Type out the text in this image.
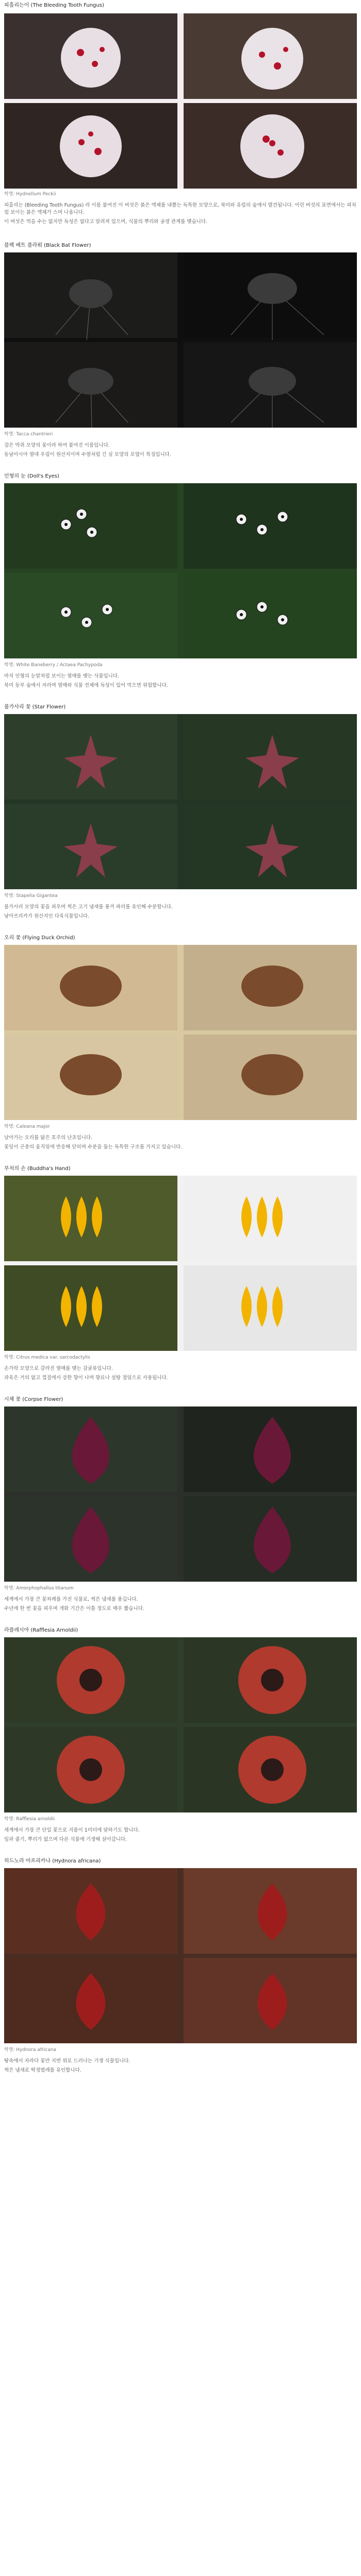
피흘리는이 (The Bleeding Tooth Fungus)
학명: Hydnellum Peckii
피흘리는 (Bleeding Tooth Fungus) 라 이름 붙여진 이 버섯은 붉은 액체를 내뿜는 독특한 모양으로, 북미와 유럽의 숲에서 발견됩니다. 어린 버섯의 표면에서는 피처럼 보이는 붉은 액체가 스며 나옵니다.
이 버섯은 먹을 수는 없지만 독성은 없다고 알려져 있으며, 식물의 뿌리와 공생 관계를 맺습니다.
블랙 배트 플라워 (Black Bat Flower)
학명: Tacca chantrieri
검은 박쥐 모양의 꽃이라 하여 붙여진 이름입니다.
동남아시아 열대 우림이 원산지이며 수염처럼 긴 실 모양의 포엽이 특징입니다.
인형의 눈 (Doll's Eyes)
학명: White Baneberry / Actaea Pachypoda
마치 인형의 눈알처럼 보이는 열매를 맺는 식물입니다.
북미 동부 숲에서 자라며 열매와 식물 전체에 독성이 있어 먹으면 위험합니다.
불가사리 꽃 (Star Flower)
학명: Stapelia Gigantea
불가사리 모양의 꽃을 피우며 썩은 고기 냄새를 풍겨 파리를 유인해 수분합니다.
남아프리카가 원산지인 다육식물입니다.
오리 꽃 (Flying Duck Orchid)
학명: Caleana major
날아가는 오리를 닮은 호주의 난초입니다.
꽃잎이 곤충의 움직임에 반응해 닫히며 수분을 돕는 독특한 구조를 가지고 있습니다.
부처의 손 (Buddha's Hand)
학명: Citrus medica var. sarcodactylis
손가락 모양으로 갈라진 열매를 맺는 감귤류입니다.
과육은 거의 없고 껍질에서 강한 향이 나며 향료나 설탕 절임으로 사용됩니다.
시체 꽃 (Corpse Flower)
학명: Amorphophallus titanum
세계에서 가장 큰 꽃차례를 가진 식물로, 썩은 냄새를 풍깁니다.
수년에 한 번 꽃을 피우며 개화 기간은 이틀 정도로 매우 짧습니다.
라플레시아 (Rafflesia Arnoldii)
학명: Rafflesia arnoldii
세계에서 가장 큰 단일 꽃으로 지름이 1미터에 달하기도 합니다.
잎과 줄기, 뿌리가 없으며 다른 식물에 기생해 살아갑니다.
히드노라 아프리카나 (Hydnora africana)
학명: Hydnora africana
땅속에서 자라다 꽃만 지면 위로 드러나는 기생 식물입니다.
썩은 냄새로 딱정벌레를 유인합니다.
